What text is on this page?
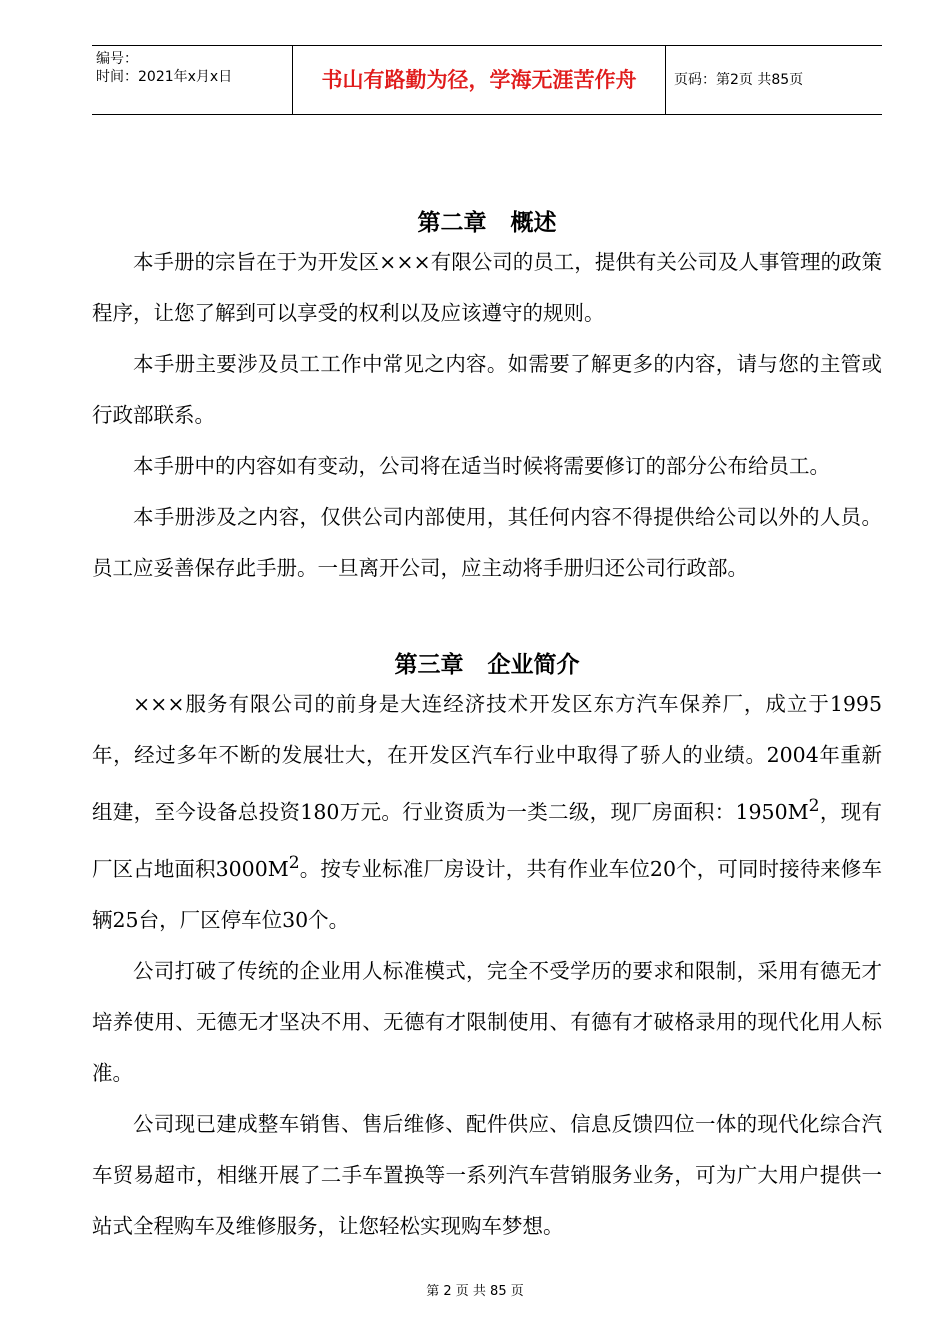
编号：
时间：2021年x月x日	书山有路勤为径，学海无涯苦作舟	页码：第2页 共85页
第二章   概述

本手册的宗旨在于为开发区×××有限公司的员工，提供有关公司及人事管理的政策程序，让您了解到可以享受的权利以及应该遵守的规则。

本手册主要涉及员工工作中常见之内容。如需要了解更多的内容，请与您的主管或行政部联系。

本手册中的内容如有变动，公司将在适当时候将需要修订的部分公布给员工。

本手册涉及之内容，仅供公司内部使用，其任何内容不得提供给公司以外的人员。员工应妥善保存此手册。一旦离开公司，应主动将手册归还公司行政部。

第三章   企业简介

×××服务有限公司的前身是大连经济技术开发区东方汽车保养厂，成立于1995年，经过多年不断的发展壮大，在开发区汽车行业中取得了骄人的业绩。2004年重新组建，至今设备总投资180万元。行业资质为一类二级，现厂房面积：$1950M^2$，现有厂区占地面积$3000M^2$。按专业标准厂房设计，共有作业车位20个，可同时接待来修车辆25台，厂区停车位30个。

公司打破了传统的企业用人标准模式，完全不受学历的要求和限制，采用有德无才培养使用、无德无才坚决不用、无德有才限制使用、有德有才破格录用的现代化用人标准。

公司现已建成整车销售、售后维修、配件供应、信息反馈四位一体的现代化综合汽车贸易超市，相继开展了二手车置换等一系列汽车营销服务业务，可为广大用户提供一站式全程购车及维修服务，让您轻松实现购车梦想。

第 2 页 共 85 页
